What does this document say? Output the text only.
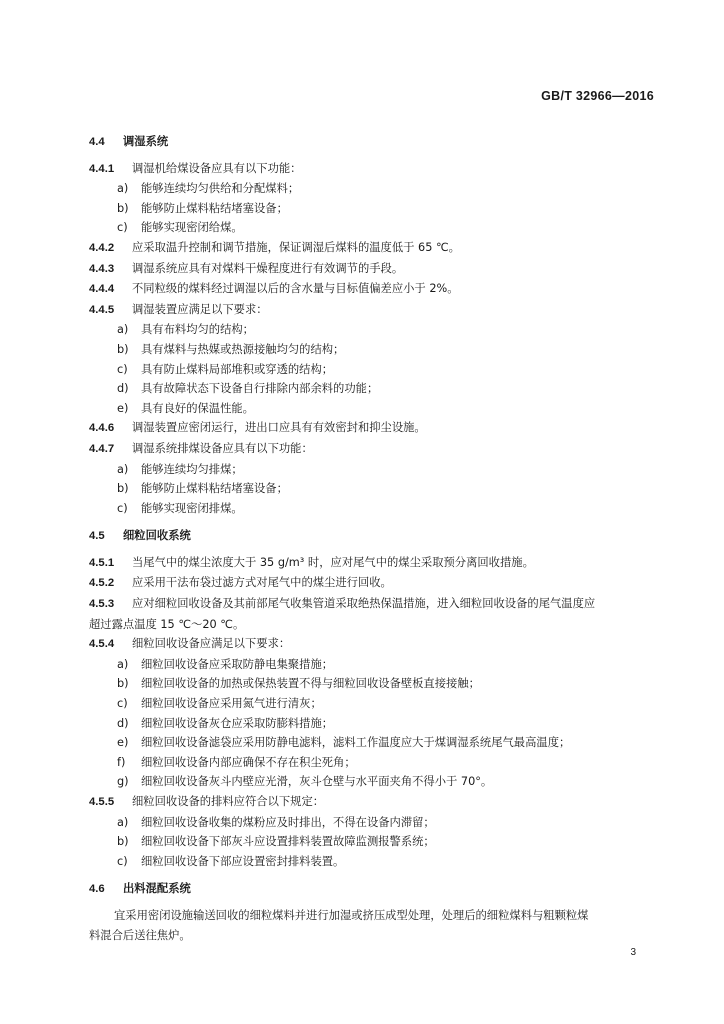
GB/T 32966—2016
4.4 调湿系统
4.4.1 调湿机给煤设备应具有以下功能：
a) 能够连续均匀供给和分配煤料；
b) 能够防止煤料粘结堵塞设备；
c) 能够实现密闭给煤。
4.4.2 应采取温升控制和调节措施，保证调湿后煤料的温度低于 65 ℃。
4.4.3 调湿系统应具有对煤料干燥程度进行有效调节的手段。
4.4.4 不同粒级的煤料经过调湿以后的含水量与目标值偏差应小于 2%。
4.4.5 调湿装置应满足以下要求：
a) 具有布料均匀的结构；
b) 具有煤料与热媒或热源接触均匀的结构；
c) 具有防止煤料局部堆积或穿透的结构；
d) 具有故障状态下设备自行排除内部余料的功能；
e) 具有良好的保温性能。
4.4.6 调湿装置应密闭运行，进出口应具有有效密封和抑尘设施。
4.4.7 调湿系统排煤设备应具有以下功能：
a) 能够连续均匀排煤；
b) 能够防止煤料粘结堵塞设备；
c) 能够实现密闭排煤。
4.5 细粒回收系统
4.5.1 当尾气中的煤尘浓度大于 35 g/m³ 时，应对尾气中的煤尘采取预分离回收措施。
4.5.2 应采用干法布袋过滤方式对尾气中的煤尘进行回收。
4.5.3 应对细粒回收设备及其前部尾气收集管道采取绝热保温措施，进入细粒回收设备的尾气温度应
超过露点温度 15 ℃～20 ℃。
4.5.4 细粒回收设备应满足以下要求：
a) 细粒回收设备应采取防静电集聚措施；
b) 细粒回收设备的加热或保热装置不得与细粒回收设备壁板直接接触；
c) 细粒回收设备应采用氮气进行清灰；
d) 细粒回收设备灰仓应采取防膨料措施；
e) 细粒回收设备滤袋应采用防静电滤料，滤料工作温度应大于煤调湿系统尾气最高温度；
f) 细粒回收设备内部应确保不存在积尘死角；
g) 细粒回收设备灰斗内壁应光滑，灰斗仓壁与水平面夹角不得小于 70°。
4.5.5 细粒回收设备的排料应符合以下规定：
a) 细粒回收设备收集的煤粉应及时排出，不得在设备内滞留；
b) 细粒回收设备下部灰斗应设置排料装置故障监测报警系统；
c) 细粒回收设备下部应设置密封排料装置。
4.6 出料混配系统
宜采用密闭设施输送回收的细粒煤料并进行加湿或挤压成型处理，处理后的细粒煤料与粗颗粒煤
料混合后送往焦炉。
3
